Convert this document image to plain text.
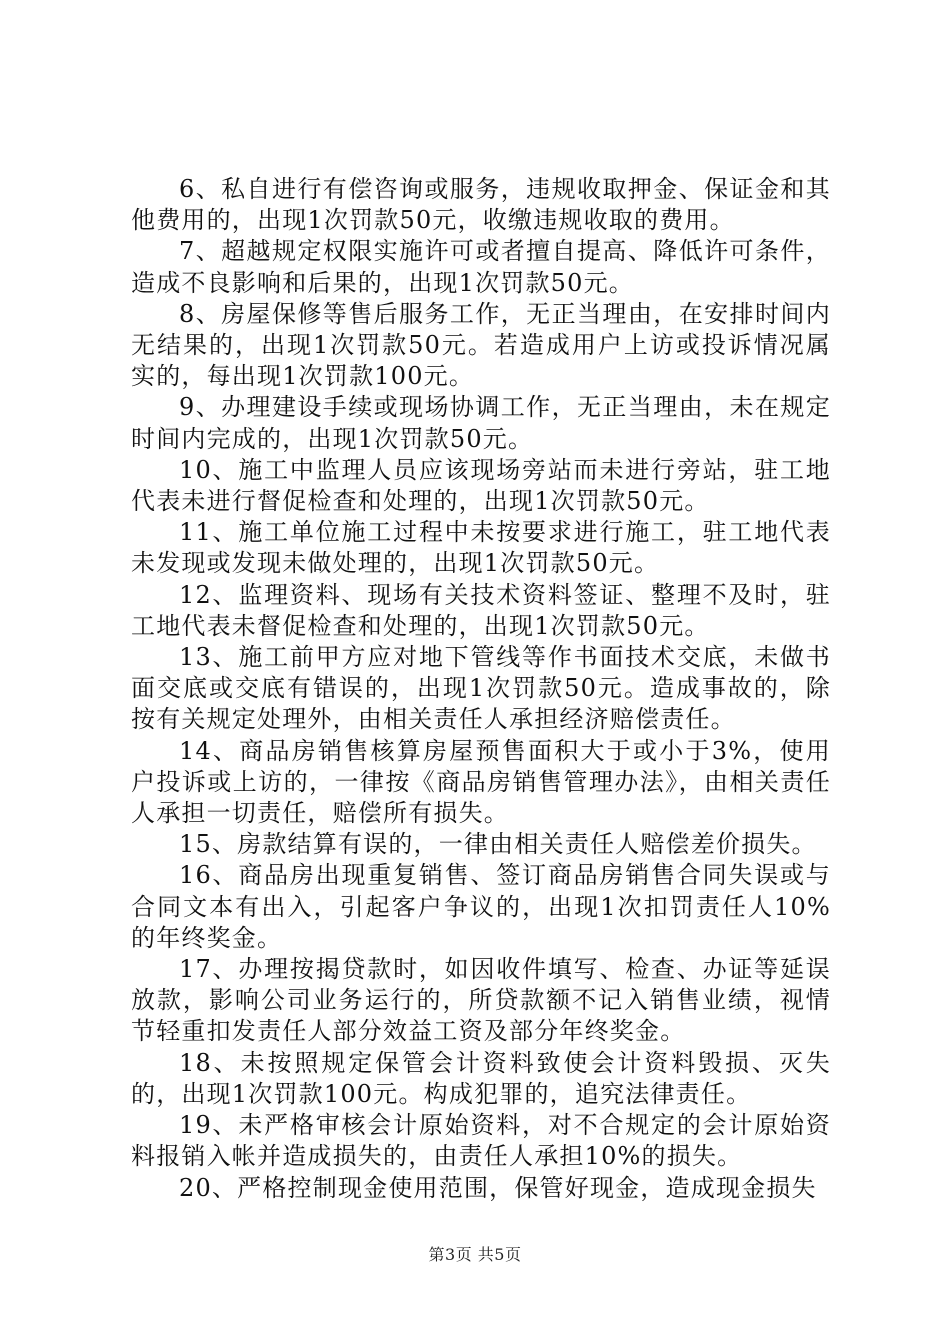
6、私自进行有偿咨询或服务，违规收取押金、保证金和其他费用的，出现1次罚款50元，收缴违规收取的费用。

7、超越规定权限实施许可或者擅自提高、降低许可条件，造成不良影响和后果的，出现1次罚款50元。

8、房屋保修等售后服务工作，无正当理由，在安排时间内无结果的，出现1次罚款50元。若造成用户上访或投诉情况属实的，每出现1次罚款100元。

9、办理建设手续或现场协调工作，无正当理由，未在规定时间内完成的，出现1次罚款50元。

10、施工中监理人员应该现场旁站而未进行旁站，驻工地代表未进行督促检查和处理的，出现1次罚款50元。

11、施工单位施工过程中未按要求进行施工，驻工地代表未发现或发现未做处理的，出现1次罚款50元。

12、监理资料、现场有关技术资料签证、整理不及时，驻工地代表未督促检查和处理的，出现1次罚款50元。

13、施工前甲方应对地下管线等作书面技术交底，未做书面交底或交底有错误的，出现1次罚款50元。造成事故的，除按有关规定处理外，由相关责任人承担经济赔偿责任。

14、商品房销售核算房屋预售面积大于或小于3%，使用户投诉或上访的，一律按《商品房销售管理办法》，由相关责任人承担一切责任，赔偿所有损失。

15、房款结算有误的，一律由相关责任人赔偿差价损失。

16、商品房出现重复销售、签订商品房销售合同失误或与合同文本有出入，引起客户争议的，出现1次扣罚责任人10%的年终奖金。

17、办理按揭贷款时，如因收件填写、检查、办证等延误放款，影响公司业务运行的，所贷款额不记入销售业绩，视情节轻重扣发责任人部分效益工资及部分年终奖金。

18、未按照规定保管会计资料致使会计资料毁损、灭失的，出现1次罚款100元。构成犯罪的，追究法律责任。

19、未严格审核会计原始资料，对不合规定的会计原始资料报销入帐并造成损失的，由责任人承担10%的损失。

20、严格控制现金使用范围，保管好现金，造成现金损失

第3页 共5页
